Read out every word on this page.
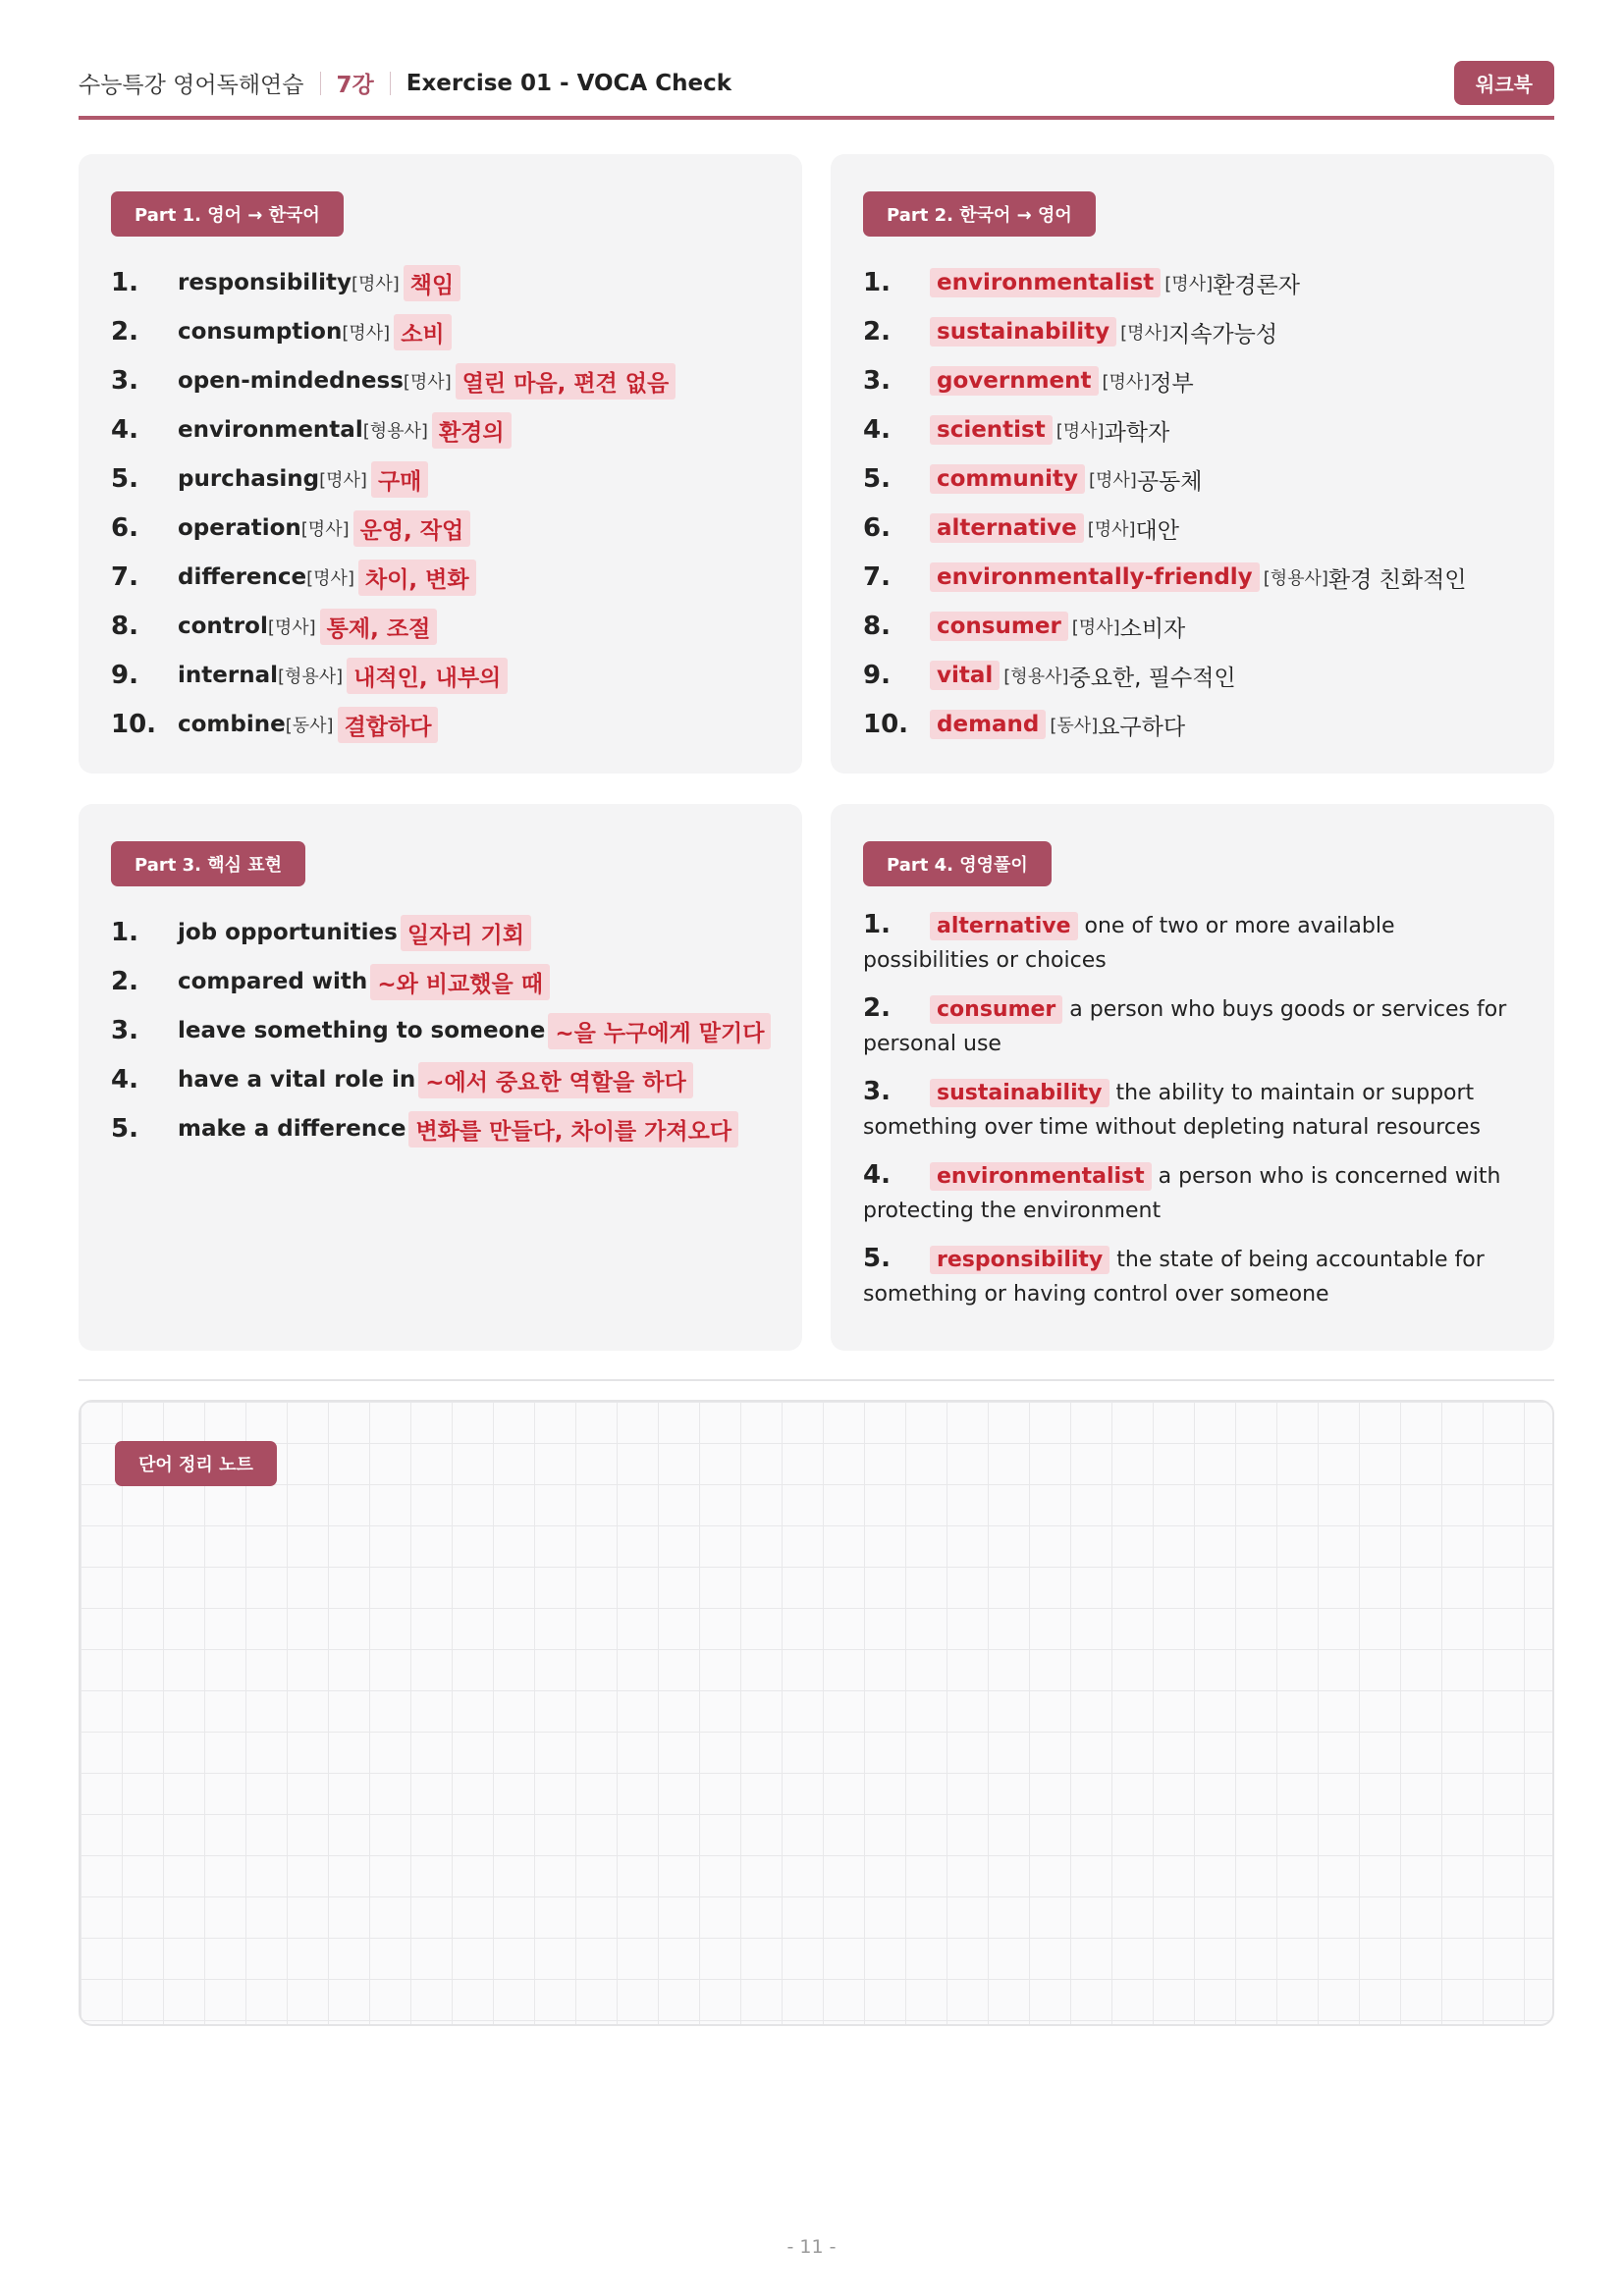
수능특강 영어독해연습 7강 Exercise 01 - VOCA Check	워크북
Part 1. 영어 → 한국어
1.	responsibility [명사] 책임
2.	consumption [명사] 소비
3.	open-mindedness [명사] 열린 마음, 편견 없음
4.	environmental [형용사] 환경의
5.	purchasing [명사] 구매
6.	operation [명사] 운영, 작업
7.	difference [명사] 차이, 변화
8.	control [명사] 통제, 조절
9.	internal [형용사] 내적인, 내부의
10. combine [동사] 결합하다
Part 2. 한국어 → 영어
1.	environmentalist [명사] 환경론자
2.	sustainability [명사] 지속가능성
3.	government [명사] 정부
4.	scientist [명사] 과학자
5.	community [명사] 공동체
6.	alternative [명사] 대안
7.	environmentally-friendly [형용사] 환경 친화적인
8.	consumer [명사] 소비자
9.	vital [형용사] 중요한, 필수적인
10.	demand [동사] 요구하다
Part 3. 핵심 표현
1.	job opportunities 일자리 기회
2.	compared with ~와 비교했을 때
3.	leave something to someone ~을 누구에게 맡기다
4.	have a vital role in ~에서 중요한 역할을 하다
5.	make a difference 변화를 만들다, 차이를 가져오다
Part 4. 영영풀이
1. alternative one of two or more available possibilities or choices
2. consumer a person who buys goods or services for personal use
3. sustainability the ability to maintain or support something over time without depleting natural resources
4. environmentalist a person who is concerned with protecting the environment
5. responsibility the state of being accountable for something or having control over someone
단어 정리 노트
- 11 -
